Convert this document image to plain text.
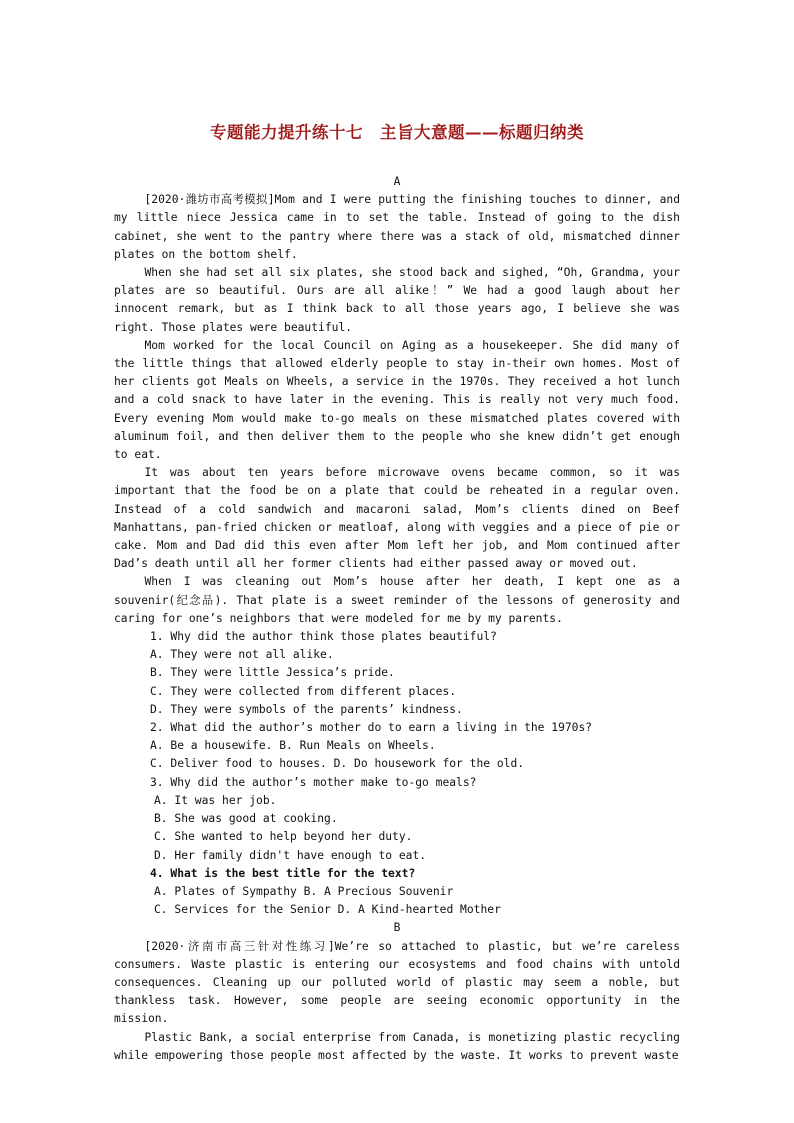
专题能力提升练十七　主旨大意题——标题归纳类
A

[2020·潍坊市高考模拟]Mom and I were putting the finishing touches to dinner, and my little niece Jessica came in to set the table. Instead of going to the dish cabinet, she went to the pantry where there was a stack of old, mismatched dinner plates on the bottom shelf.

When she had set all six plates, she stood back and sighed, “Oh, Grandma, your plates are so beautiful. Ours are all alike！” We had a good laugh about her innocent remark, but as I think back to all those years ago, I believe she was right. Those plates were beautiful.

Mom worked for the local Council on Aging as a housekeeper. She did many of the little things that allowed elderly people to stay in-their own homes. Most of her clients got Meals on Wheels, a service in the 1970s. They received a hot lunch and a cold snack to have later in the evening. This is really not very much food. Every evening Mom would make to-go meals on these mismatched plates covered with aluminum foil, and then deliver them to the people who she knew didn’t get enough to eat.

It was about ten years before microwave ovens became common, so it was important that the food be on a plate that could be reheated in a regular oven. Instead of a cold sandwich and macaroni salad, Mom’s clients dined on Beef Manhattans, pan-fried chicken or meatloaf, along with veggies and a piece of pie or cake. Mom and Dad did this even after Mom left her job, and Mom continued after Dad’s death until all her former clients had either passed away or moved out.

When I was cleaning out Mom’s house after her death, I kept one as a souvenir(纪念品). That plate is a sweet reminder of the lessons of generosity and caring for one’s neighbors that were modeled for me by my parents.

1. Why did the author think those plates beautiful?

A. They were not all alike.

B. They were little Jessica’s pride.

C. They were collected from different places.

D. They were symbols of the parents’ kindness.

2. What did the author’s mother do to earn a living in the 1970s?

A. Be a housewife. B. Run Meals on Wheels.

C. Deliver food to houses. D. Do housework for the old.

3. Why did the author’s mother make to-go meals?

A. It was her job.

B. She was good at cooking.

C. She wanted to help beyond her duty.

D. Her family didn't have enough to eat.

4. What is the best title for the text?

A. Plates of Sympathy B. A Precious Souvenir

C. Services for the Senior D. A Kind-hearted Mother

B

[2020·济南市高三针对性练习]We’re so attached to plastic, but we’re careless consumers. Waste plastic is entering our ecosystems and food chains with untold consequences. Cleaning up our polluted world of plastic may seem a noble, but thankless task. However, some people are seeing economic opportunity in the mission.

Plastic Bank, a social enterprise from Canada, is monetizing plastic recycling while empowering those people most affected by the waste. It works to prevent waste
